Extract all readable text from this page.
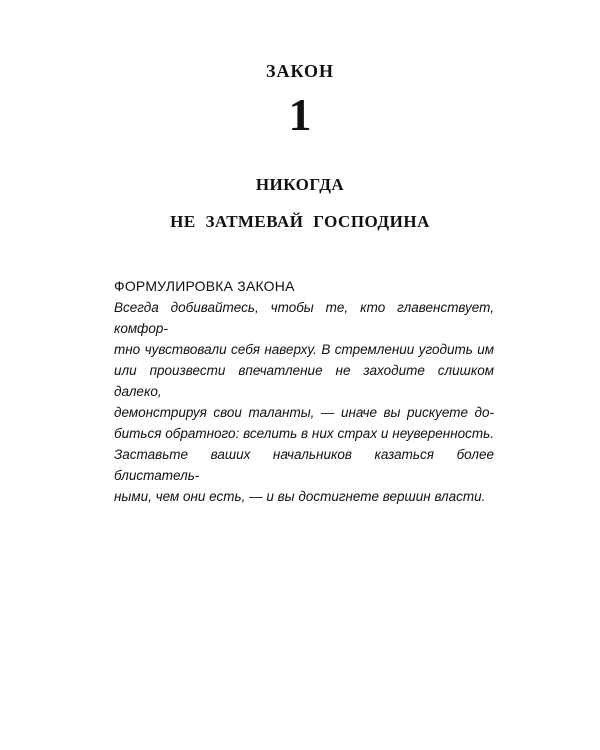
ЗАКОН
1
НИКОГДА
НЕ ЗАТМЕВАЙ ГОСПОДИНА
ФОРМУЛИРОВКА ЗАКОНА
Всегда добивайтесь, чтобы те, кто главенствует, комфор-
тно чувствовали себя наверху. В стремлении угодить им
или произвести впечатление не заходите слишком далеко,
демонстрируя свои таланты, — иначе вы рискуете до-
биться обратного: вселить в них страх и неуверенность.
Заставьте ваших начальников казаться более блистатель-
ными, чем они есть, — и вы достигнете вершин власти.
